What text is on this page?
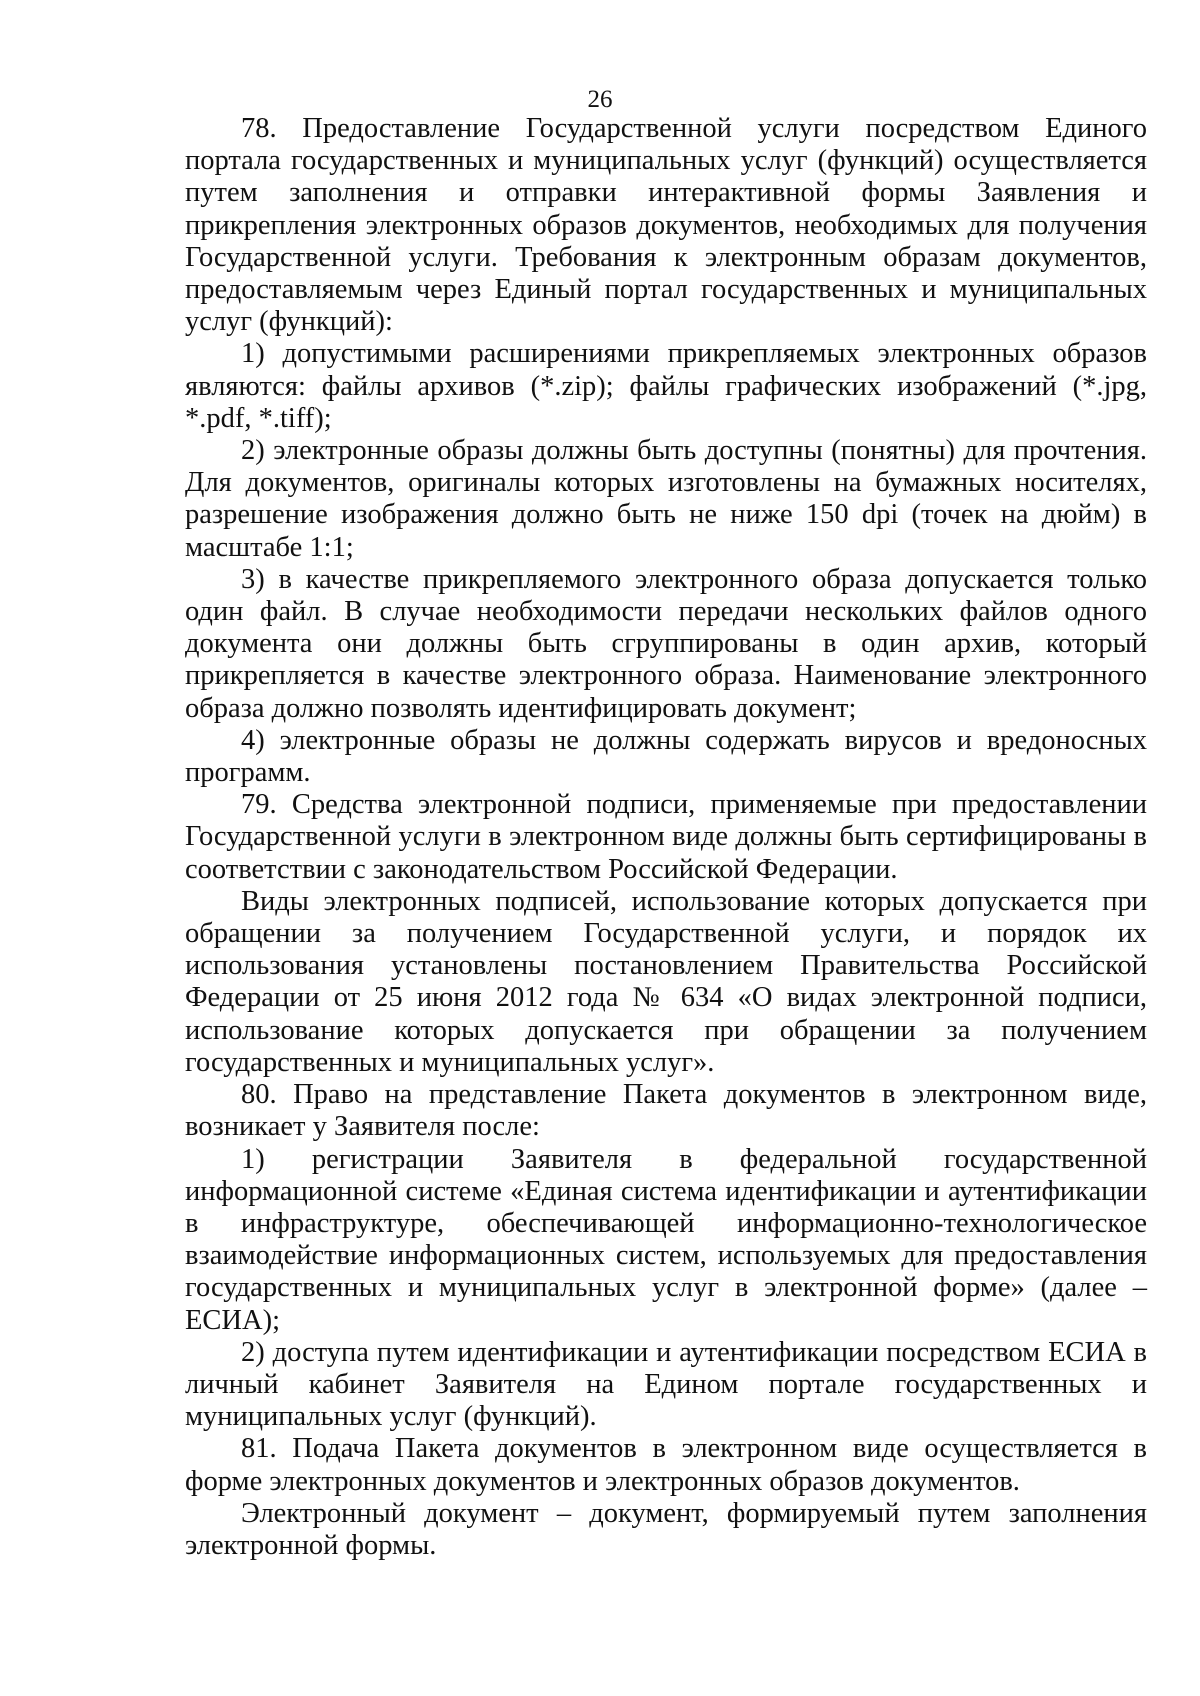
26

78. Предоставление Государственной услуги посредством Единого портала государственных и муниципальных услуг (функций) осуществляется путем заполнения и отправки интерактивной формы Заявления и прикрепления электронных образов документов, необходимых для получения Государственной услуги. Требования к электронным образам документов, предоставляемым через Единый портал государственных и муниципальных услуг (функций):

1) допустимыми расширениями прикрепляемых электронных образов являются: файлы архивов (*.zip); файлы графических изображений (*.jpg, *.pdf, *.tiff);

2) электронные образы должны быть доступны (понятны) для прочтения. Для документов, оригиналы которых изготовлены на бумажных носителях, разрешение изображения должно быть не ниже 150 dpi (точек на дюйм) в масштабе 1:1;

3) в качестве прикрепляемого электронного образа допускается только один файл. В случае необходимости передачи нескольких файлов одного документа они должны быть сгруппированы в один архив, который прикрепляется в качестве электронного образа. Наименование электронного образа должно позволять идентифицировать документ;

4) электронные образы не должны содержать вирусов и вредоносных программ.

79. Средства электронной подписи, применяемые при предоставлении Государственной услуги в электронном виде должны быть сертифицированы в соответствии с законодательством Российской Федерации.

Виды электронных подписей, использование которых допускается при обращении за получением Государственной услуги, и порядок их использования установлены постановлением Правительства Российской Федерации от 25 июня 2012 года № 634 «О видах электронной подписи, использование которых допускается при обращении за получением государственных и муниципальных услуг».

80. Право на представление Пакета документов в электронном виде, возникает у Заявителя после:

1) регистрации Заявителя в федеральной государственной информационной системе «Единая система идентификации и аутентификации в инфраструктуре, обеспечивающей информационно-технологическое взаимодействие информационных систем, используемых для предоставления государственных и муниципальных услуг в электронной форме» (далее – ЕСИА);

2) доступа путем идентификации и аутентификации посредством ЕСИА в личный кабинет Заявителя на Едином портале государственных и муниципальных услуг (функций).

81. Подача Пакета документов в электронном виде осуществляется в форме электронных документов и электронных образов документов.

Электронный документ – документ, формируемый путем заполнения электронной формы.
